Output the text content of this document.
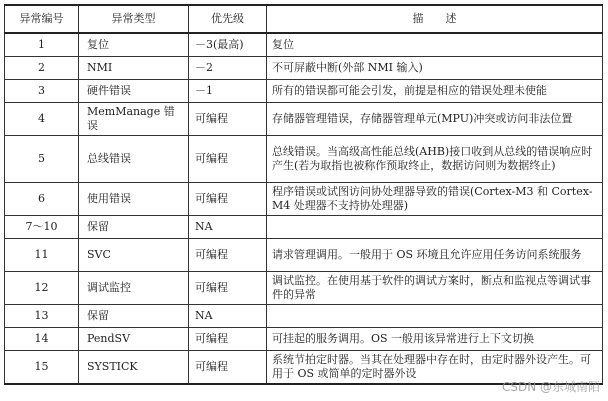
异常编号	异常类型	优先级	描　　述
1	复位	－3(最高)	复位
2	NMI	－2	不可屏蔽中断(外部 NMI 输入)
3	硬件错误	－1	所有的错误都可能会引发，前提是相应的错误处理未使能
4	MemManage 错误	可编程	存储器管理错误，存储器管理单元(MPU)冲突或访问非法位置
5	总线错误	可编程	总线错误。当高级高性能总线(AHB)接口收到从总线的错误响应时产生(若为取指也被称作预取终止，数据访问则为数据终止)
6	使用错误	可编程	程序错误或试图访问协处理器导致的错误(Cortex-M3 和 Cortex-M4 处理器不支持协处理器)
7～10	保留	NA	
11	SVC	可编程	请求管理调用。一般用于 OS 环境且允许应用任务访问系统服务
12	调试监控	可编程	调试监控。在使用基于软件的调试方案时，断点和监视点等调试事件的异常
13	保留	NA	
14	PendSV	可编程	可挂起的服务调用。OS 一般用该异常进行上下文切换
15	SYSTICK	可编程	系统节拍定时器。当其在处理器中存在时，由定时器外设产生。可用于 OS 或简单的定时器外设
CSDN @东城南陌
